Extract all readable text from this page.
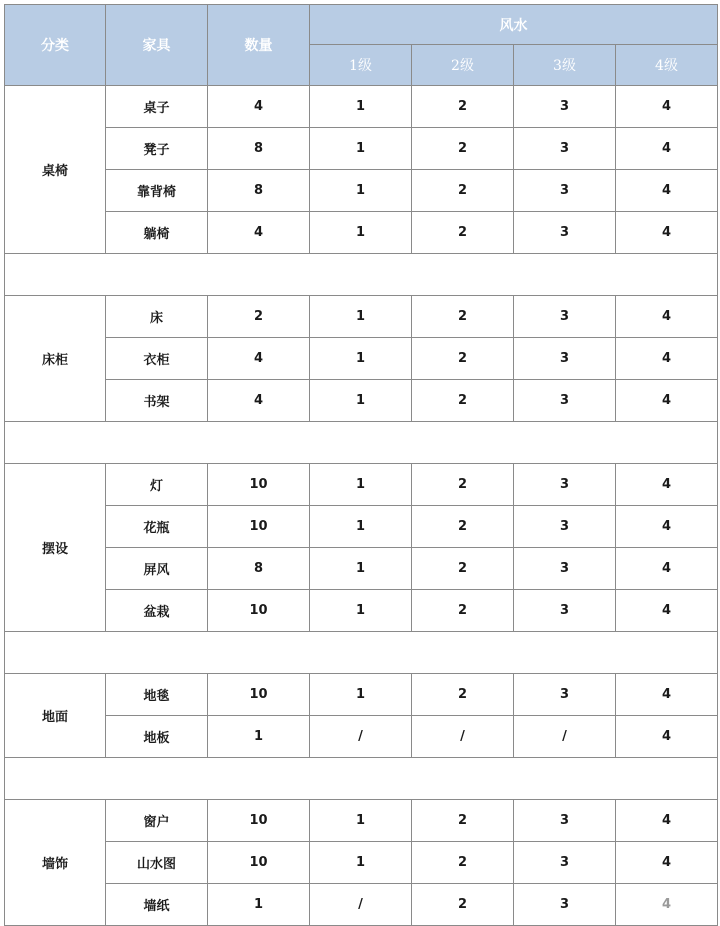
分类	家具	数量	风水			
			1级	2级	3级	4级
桌椅	桌子	4	1	2	3	4
	凳子	8	1	2	3	4
	靠背椅	8	1	2	3	4
	躺椅	4	1	2	3	4

床柜	床	2	1	2	3	4
	衣柜	4	1	2	3	4
	书架	4	1	2	3	4

摆设	灯	10	1	2	3	4
	花瓶	10	1	2	3	4
	屏风	8	1	2	3	4
	盆栽	10	1	2	3	4

地面	地毯	10	1	2	3	4
	地板	1	/	/	/	4

墙饰	窗户	10	1	2	3	4
	山水图	10	1	2	3	4
	墙纸	1	/	2	3	4
